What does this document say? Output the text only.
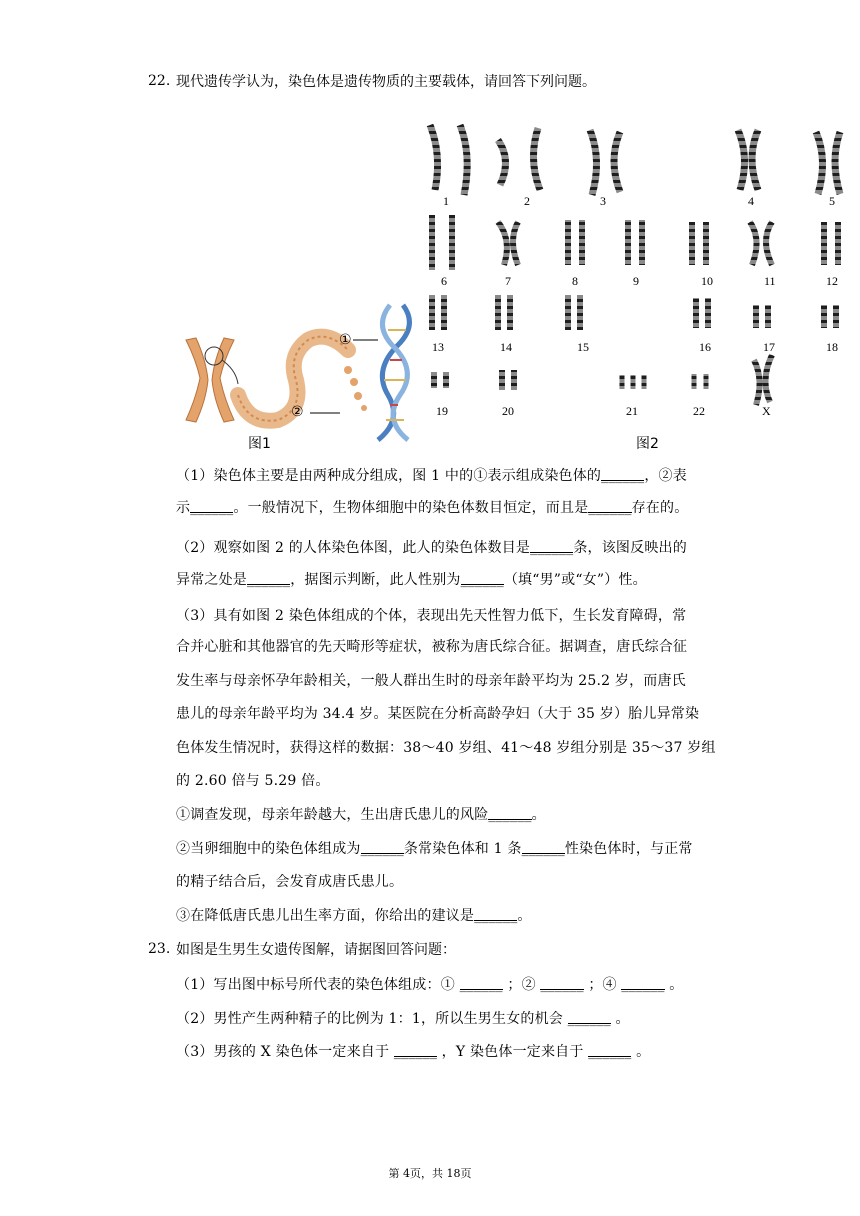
22. 现代遗传学认为，染色体是遗传物质的主要载体，请回答下列问题。
①
②
图1
1	2	3	4	5
6	7	8	9	10	11	12
13	14	15	16	17	18
19	20	21	22	X
图2
（1）染色体主要是由两种成分组成，图 1 中的①表示组成染色体的______，②表
示______。一般情况下，生物体细胞中的染色体数目恒定，而且是______存在的。
（2）观察如图 2 的人体染色体图，此人的染色体数目是______条，该图反映出的
异常之处是______，据图示判断，此人性别为______（填“男”或“女”）性。
（3）具有如图 2 染色体组成的个体，表现出先天性智力低下，生长发育障碍，常
合并心脏和其他器官的先天畸形等症状，被称为唐氏综合征。据调查，唐氏综合征
发生率与母亲怀孕年龄相关，一般人群出生时的母亲年龄平均为 25.2 岁，而唐氏
患儿的母亲年龄平均为 34.4 岁。某医院在分析高龄孕妇（大于 35 岁）胎儿异常染
色体发生情况时，获得这样的数据：38～40 岁组、41～48 岁组分别是 35～37 岁组
的 2.60 倍与 5.29 倍。
①调查发现，母亲年龄越大，生出唐氏患儿的风险______。
②当卵细胞中的染色体组成为______条常染色体和 1 条______性染色体时，与正常
的精子结合后，会发育成唐氏患儿。
③在降低唐氏患儿出生率方面，你给出的建议是______。
23. 如图是生男生女遗传图解，请据图回答问题：
（1）写出图中标号所代表的染色体组成：① ______ ；② ______ ；④ ______ 。
（2）男性产生两种精子的比例为 1：1，所以生男生女的机会 ______ 。
（3）男孩的 X 染色体一定来自于 ______ ，Y 染色体一定来自于 ______ 。
第 4页，共 18页
